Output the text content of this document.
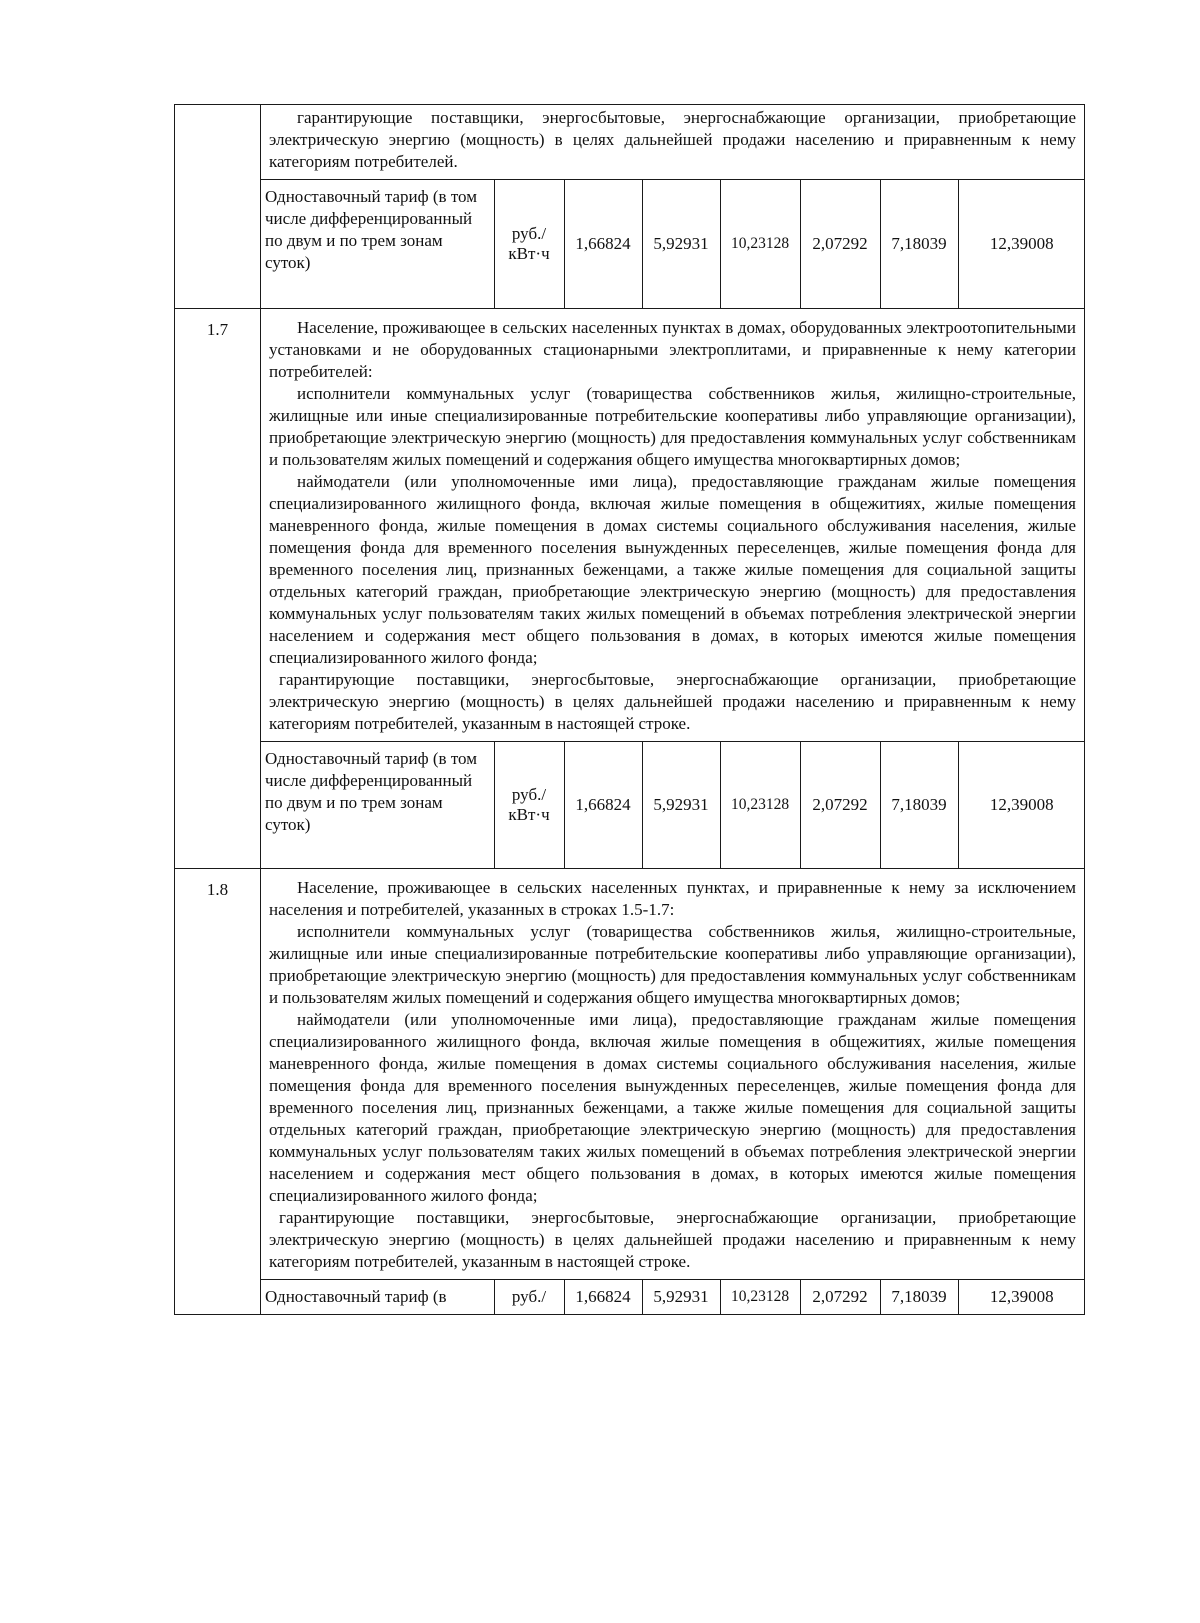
гарантирующие поставщики, энергосбытовые, энергоснабжающие организации, приобретающие электрическую энергию (мощность) в целях дальнейшей продажи населению и приравненным к нему категориям потребителей.

Одноставочный тариф (в том числе дифференцированный по двум и по трем зонам суток)	руб./ кВт·ч	1,66824	5,92931	10,23128	2,07292	7,18039	12,39008

1.7	Население, проживающее в сельских населенных пунктах в домах, оборудованных электроотопительными установками и не оборудованных стационарными электроплитами, и приравненные к нему категории потребителей:

исполнители коммунальных услуг (товарищества собственников жилья, жилищно-строительные, жилищные или иные специализированные потребительские кооперативы либо управляющие организации), приобретающие электрическую энергию (мощность) для предоставления коммунальных услуг собственникам и пользователям жилых помещений и содержания общего имущества многоквартирных домов;

наймодатели (или уполномоченные ими лица), предоставляющие гражданам жилые помещения специализированного жилищного фонда, включая жилые помещения в общежитиях, жилые помещения маневренного фонда, жилые помещения в домах системы социального обслуживания населения, жилые помещения фонда для временного поселения вынужденных переселенцев, жилые помещения фонда для временного поселения лиц, признанных беженцами, а также жилые помещения для социальной защиты отдельных категорий граждан, приобретающие электрическую энергию (мощность) для предоставления коммунальных услуг пользователям таких жилых помещений в объемах потребления электрической энергии населением и содержания мест общего пользования в домах, в которых имеются жилые помещения специализированного жилого фонда;

гарантирующие поставщики, энергосбытовые, энергоснабжающие организации, приобретающие электрическую энергию (мощность) в целях дальнейшей продажи населению и приравненным к нему категориям потребителей, указанным в настоящей строке.

Одноставочный тариф (в том числе дифференцированный по двум и по трем зонам суток)	руб./ кВт·ч	1,66824	5,92931	10,23128	2,07292	7,18039	12,39008

1.8	Население, проживающее в сельских населенных пунктах, и приравненные к нему за исключением населения и потребителей, указанных в строках 1.5-1.7:

исполнители коммунальных услуг (товарищества собственников жилья, жилищно-строительные, жилищные или иные специализированные потребительские кооперативы либо управляющие организации), приобретающие электрическую энергию (мощность) для предоставления коммунальных услуг собственникам и пользователям жилых помещений и содержания общего имущества многоквартирных домов;

наймодатели (или уполномоченные ими лица), предоставляющие гражданам жилые помещения специализированного жилищного фонда, включая жилые помещения в общежитиях, жилые помещения маневренного фонда, жилые помещения в домах системы социального обслуживания населения, жилые помещения фонда для временного поселения вынужденных переселенцев, жилые помещения фонда для временного поселения лиц, признанных беженцами, а также жилые помещения для социальной защиты отдельных категорий граждан, приобретающие электрическую энергию (мощность) для предоставления коммунальных услуг пользователям таких жилых помещений в объемах потребления электрической энергии населением и содержания мест общего пользования в домах, в которых имеются жилые помещения специализированного жилого фонда;

гарантирующие поставщики, энергосбытовые, энергоснабжающие организации, приобретающие электрическую энергию (мощность) в целях дальнейшей продажи населению и приравненным к нему категориям потребителей, указанным в настоящей строке.

Одноставочный тариф (в	руб./	1,66824	5,92931	10,23128	2,07292	7,18039	12,39008
